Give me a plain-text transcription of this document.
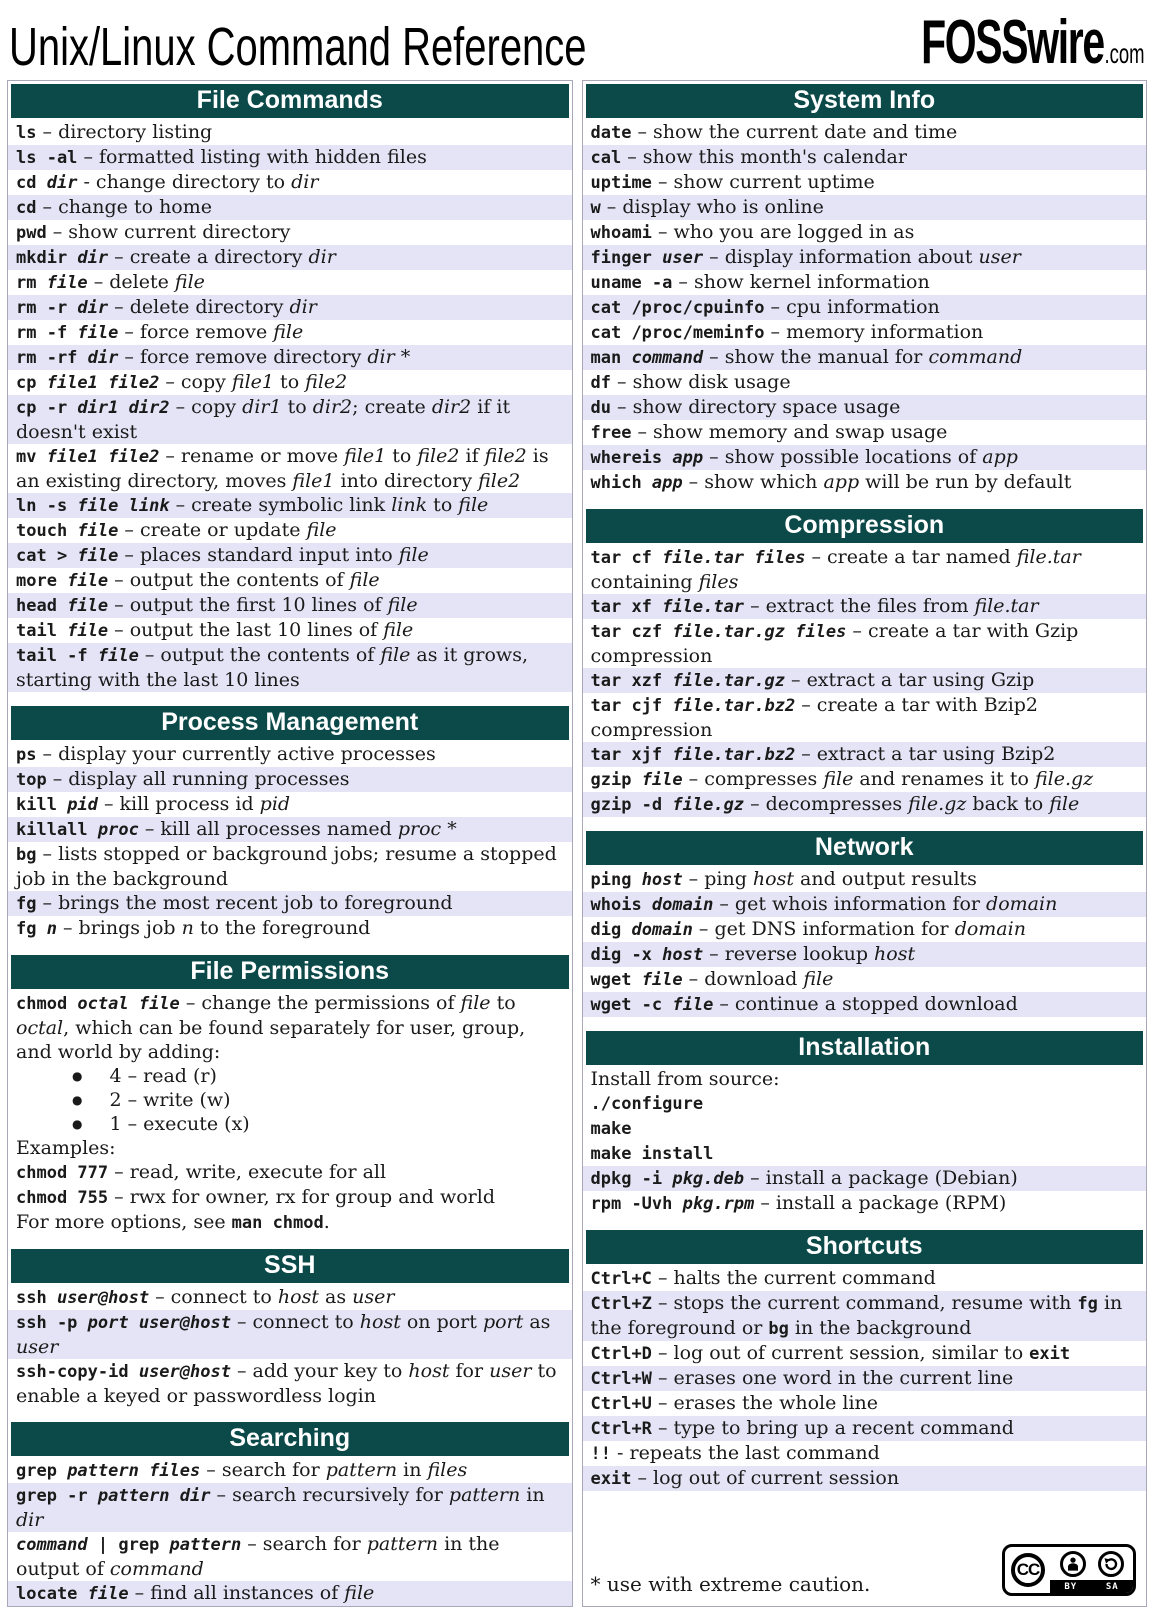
Unix/Linux Command Reference	FOSSwire .com
File Commands
ls – directory listing
ls -al – formatted listing with hidden files
cd dir - change directory to dir
cd – change to home
pwd – show current directory
mkdir dir – create a directory dir
rm file – delete file
rm -r dir – delete directory dir
rm -f file – force remove file
rm -rf dir – force remove directory dir *
cp file1 file2 – copy file1 to file2
cp -r dir1 dir2 – copy dir1 to dir2; create dir2 if it doesn't exist
mv file1 file2 – rename or move file1 to file2 if file2 is an existing directory, moves file1 into directory file2
ln -s file link – create symbolic link link to file
touch file – create or update file
cat > file – places standard input into file
more file – output the contents of file
head file – output the first 10 lines of file
tail file – output the last 10 lines of file
tail -f file – output the contents of file as it grows, starting with the last 10 lines
Process Management
ps – display your currently active processes
top – display all running processes
kill pid – kill process id pid
killall proc – kill all processes named proc *
bg – lists stopped or background jobs; resume a stopped job in the background
fg – brings the most recent job to foreground
fg n – brings job n to the foreground
File Permissions
chmod octal file – change the permissions of file to octal, which can be found separately for user, group, and world by adding:
● 4 – read (r)
● 2 – write (w)
● 1 – execute (x)
Examples:
chmod 777 – read, write, execute for all
chmod 755 – rwx for owner, rx for group and world
For more options, see man chmod.
SSH
ssh user@host – connect to host as user
ssh -p port user@host – connect to host on port port as user
ssh-copy-id user@host – add your key to host for user to enable a keyed or passwordless login
Searching
grep pattern files – search for pattern in files
grep -r pattern dir – search recursively for pattern in dir
command | grep pattern – search for pattern in the output of command
locate file – find all instances of file
System Info
date – show the current date and time
cal – show this month's calendar
uptime – show current uptime
w – display who is online
whoami – who you are logged in as
finger user – display information about user
uname -a – show kernel information
cat /proc/cpuinfo – cpu information
cat /proc/meminfo – memory information
man command – show the manual for command
df – show disk usage
du – show directory space usage
free – show memory and swap usage
whereis app – show possible locations of app
which app – show which app will be run by default
Compression
tar cf file.tar files – create a tar named file.tar containing files
tar xf file.tar – extract the files from file.tar
tar czf file.tar.gz files – create a tar with Gzip compression
tar xzf file.tar.gz – extract a tar using Gzip
tar cjf file.tar.bz2 – create a tar with Bzip2 compression
tar xjf file.tar.bz2 – extract a tar using Bzip2
gzip file – compresses file and renames it to file.gz
gzip -d file.gz – decompresses file.gz back to file
Network
ping host – ping host and output results
whois domain – get whois information for domain
dig domain – get DNS information for domain
dig -x host – reverse lookup host
wget file – download file
wget -c file – continue a stopped download
Installation
Install from source:
./configure
make
make install
dpkg -i pkg.deb – install a package (Debian)
rpm -Uvh pkg.rpm – install a package (RPM)
Shortcuts
Ctrl+C – halts the current command
Ctrl+Z – stops the current command, resume with fg in the foreground or bg in the background
Ctrl+D – log out of current session, similar to exit
Ctrl+W – erases one word in the current line
Ctrl+U – erases the whole line
Ctrl+R – type to bring up a recent command
!! - repeats the last command
exit – log out of current session
* use with extreme caution.
CC
BY	SA
